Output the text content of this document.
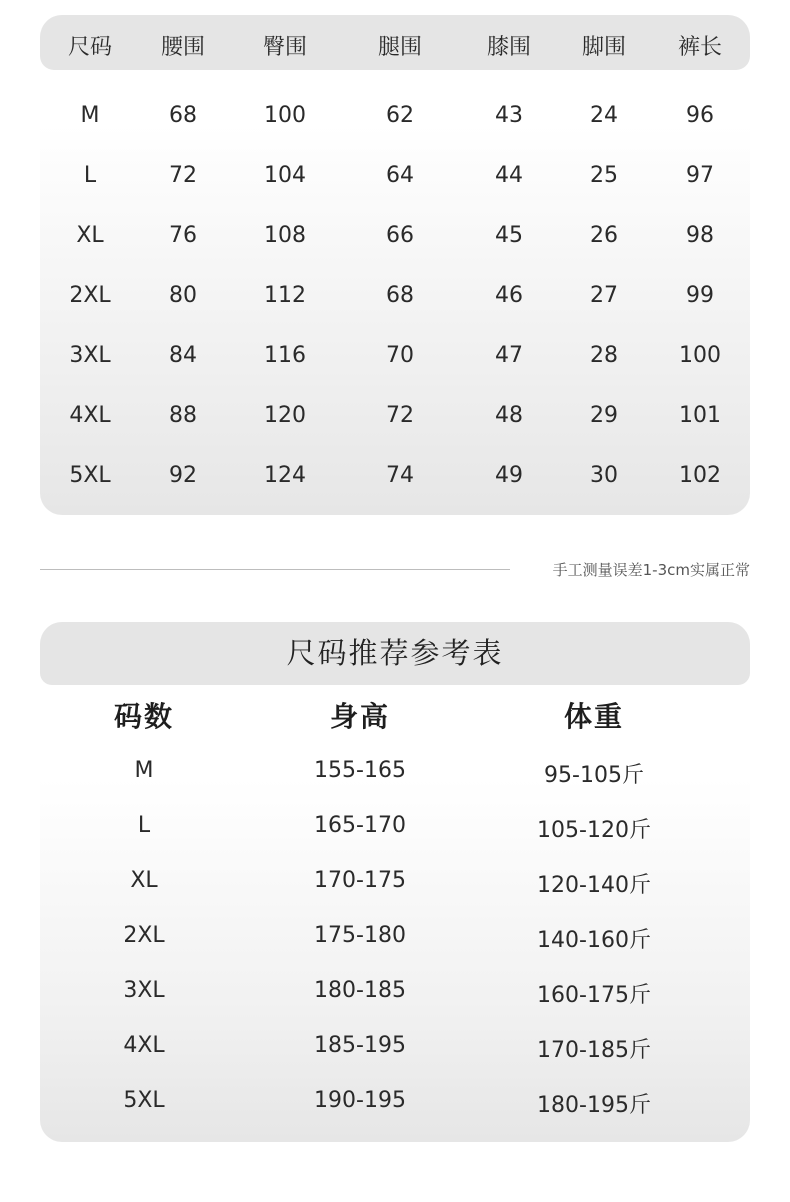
尺码 腰围	臀围	腿围	膝围 脚围 裤长
M	68	100	62	43	24	96
L	72	104	64	44	25	97
XL	76	108	66	45	26	98
2XL	80	112	68	46	27	99
3XL	84	116	70	47	28	100
4XL	88	120	72	48	29	101
5XL	92	124	74	49	30	102
手工测量误差1-3cm实属正常
尺码推荐参考表
码数	身高	体重
M	155-165	95-105斤
L	165-170	105-120斤
XL	170-175	120-140斤
2XL	175-180	140-160斤
3XL	180-185	160-175斤
4XL	185-195	170-185斤
5XL	190-195	180-195斤
